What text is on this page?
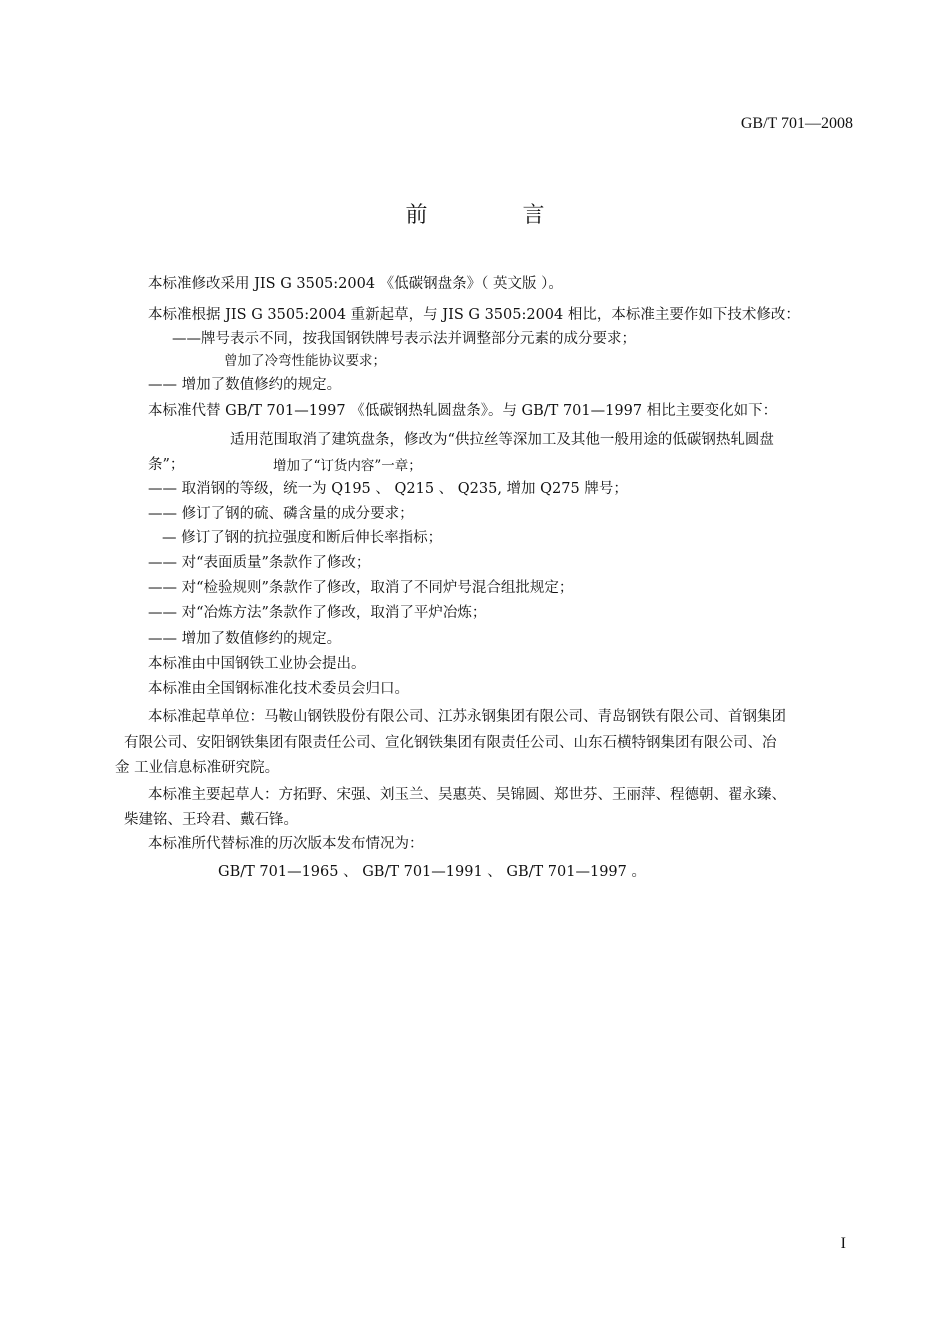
GB/T 701—2008
前 言
本标准修改采用 JIS G 3505:2004 《低碳钢盘条》（ 英文版 ）。
本标准根据 JIS G 3505:2004 重新起草，与 JIS G 3505:2004 相比，本标准主要作如下技术修改：
——牌号表示不同，按我国钢铁牌号表示法并调整部分元素的成分要求；
曾加了冷弯性能协议要求；
—— 增加了数值修约的规定。
本标准代替 GB/T 701—1997 《低碳钢热轧圆盘条》。与 GB/T 701—1997 相比主要变化如下：
适用范围取消了建筑盘条，修改为“供拉丝等深加工及其他一般用途的低碳钢热轧圆盘
条”；	增加了“订货内容”一章；
—— 取消钢的等级，统一为 Q195 、 Q215 、 Q235, 增加 Q275 牌号；
—— 修订了钢的硫、磷含量的成分要求；
— 修订了钢的抗拉强度和断后伸长率指标；
—— 对“表面质量”条款作了修改；
—— 对“检验规则”条款作了修改，取消了不同炉号混合组批规定；
—— 对“冶炼方法”条款作了修改，取消了平炉冶炼；
—— 增加了数值修约的规定。
本标准由中国钢铁工业协会提出。
本标准由全国钢标准化技术委员会归口。
本标准起草单位：马鞍山钢铁股份有限公司、江苏永钢集团有限公司、青岛钢铁有限公司、首钢集团
有限公司、安阳钢铁集团有限责任公司、宣化钢铁集团有限责任公司、山东石横特钢集团有限公司、冶
金 工业信息标准研究院。
本标准主要起草人：方拓野、宋强、刘玉兰、吴惠英、吴锦圆、郑世芬、王丽萍、程德朝、翟永臻、
柴建铭、王玲君、戴石锋。
本标准所代替标准的历次版本发布情况为：
GB/T 701—1965 、 GB/T 701—1991 、 GB/T 701—1997 。
I
